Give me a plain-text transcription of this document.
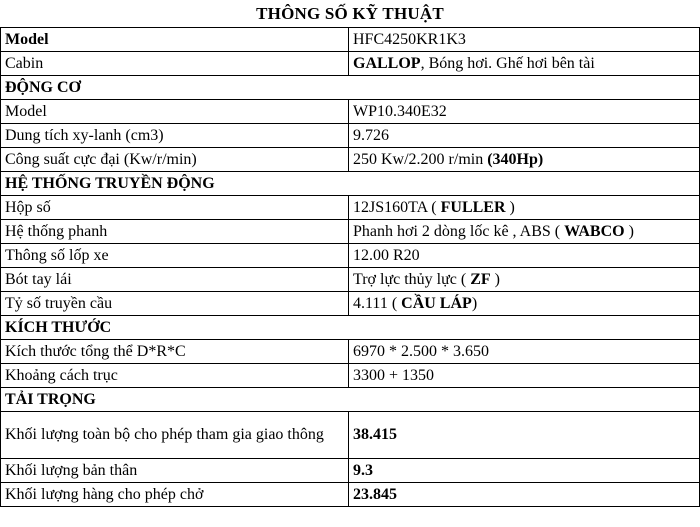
THÔNG SỐ KỸ THUẬT
Model	HFC4250KR1K3
Cabin	GALLOP, Bóng hơi. Ghế hơi bên tài
ĐỘNG CƠ	
Model	WP10.340E32
Dung tích xy-lanh (cm3)	9.726
Công suất cực đại (Kw/r/min)	250 Kw/2.200 r/min (340Hp)
HỆ THỐNG TRUYỀN ĐỘNG	
Hộp số	12JS160TA ( FULLER )
Hệ thống phanh	Phanh hơi 2 dòng lốc kê , ABS ( WABCO )
Thông số lốp xe	12.00 R20
Bót tay lái	Trợ lực thủy lực ( ZF )
Tỷ số truyền cầu	4.111 ( CẦU LÁP)
KÍCH THƯỚC	
Kích thước tổng thể D*R*C	6970 * 2.500 * 3.650
Khoảng cách trục	3300 + 1350
TẢI TRỌNG	
Khối lượng toàn bộ cho phép tham gia giao thông	38.415
Khối lượng bản thân	9.3
Khối lượng hàng cho phép chở	23.845
